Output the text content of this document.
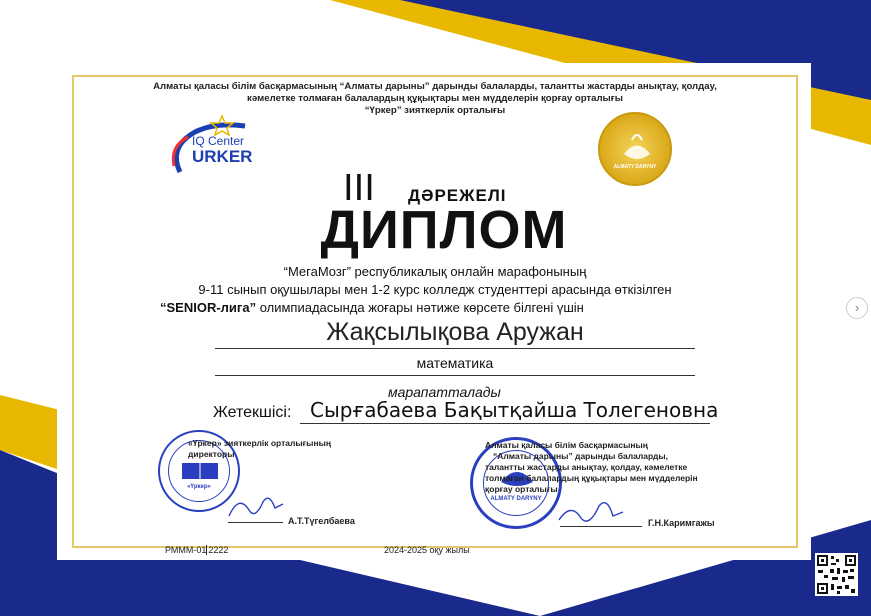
Алматы қаласы білім басқармасының “Алматы дарыны” дарынды балаларды, талантты жастарды анықтау, қолдау,
кәмелетке толмаған балалардың құқықтары мен мүдделерін қорғау орталығы
“Үркер” зияткерлік орталығы
IQ Center
URKER
ALMATY DARYNY
III ДӘРЕЖЕЛІ
ДИПЛОМ
“МегаМозг” республикалық онлайн марафонының
9-11 сынып оқушылары мен 1-2 курс колледж студенттері арасында өткізілген
“SENIOR-лига” олимпиадасында жоғары нәтиже көрсете білгені үшін
Жақсылықова Аружан
математика
марапатталады
Жетекшісі: Сырғабаева Бақытқайша Толегеновна
«Үркер»
«Үркер» зияткерлік орталығының
директоры
А.Т.Түгелбаева
ALMATY DARYNY
Алматы қаласы білім басқармасының
“Алматы дарыны” дарынды балаларды,
талантты жастарды анықтау, қолдау, кәмелетке
толмаған балалардың құқықтары мен мүдделерін
қорғау орталығы
Г.Н.Каримгажы
РМММ-01 2222	2024-2025 оқу жылы
›
